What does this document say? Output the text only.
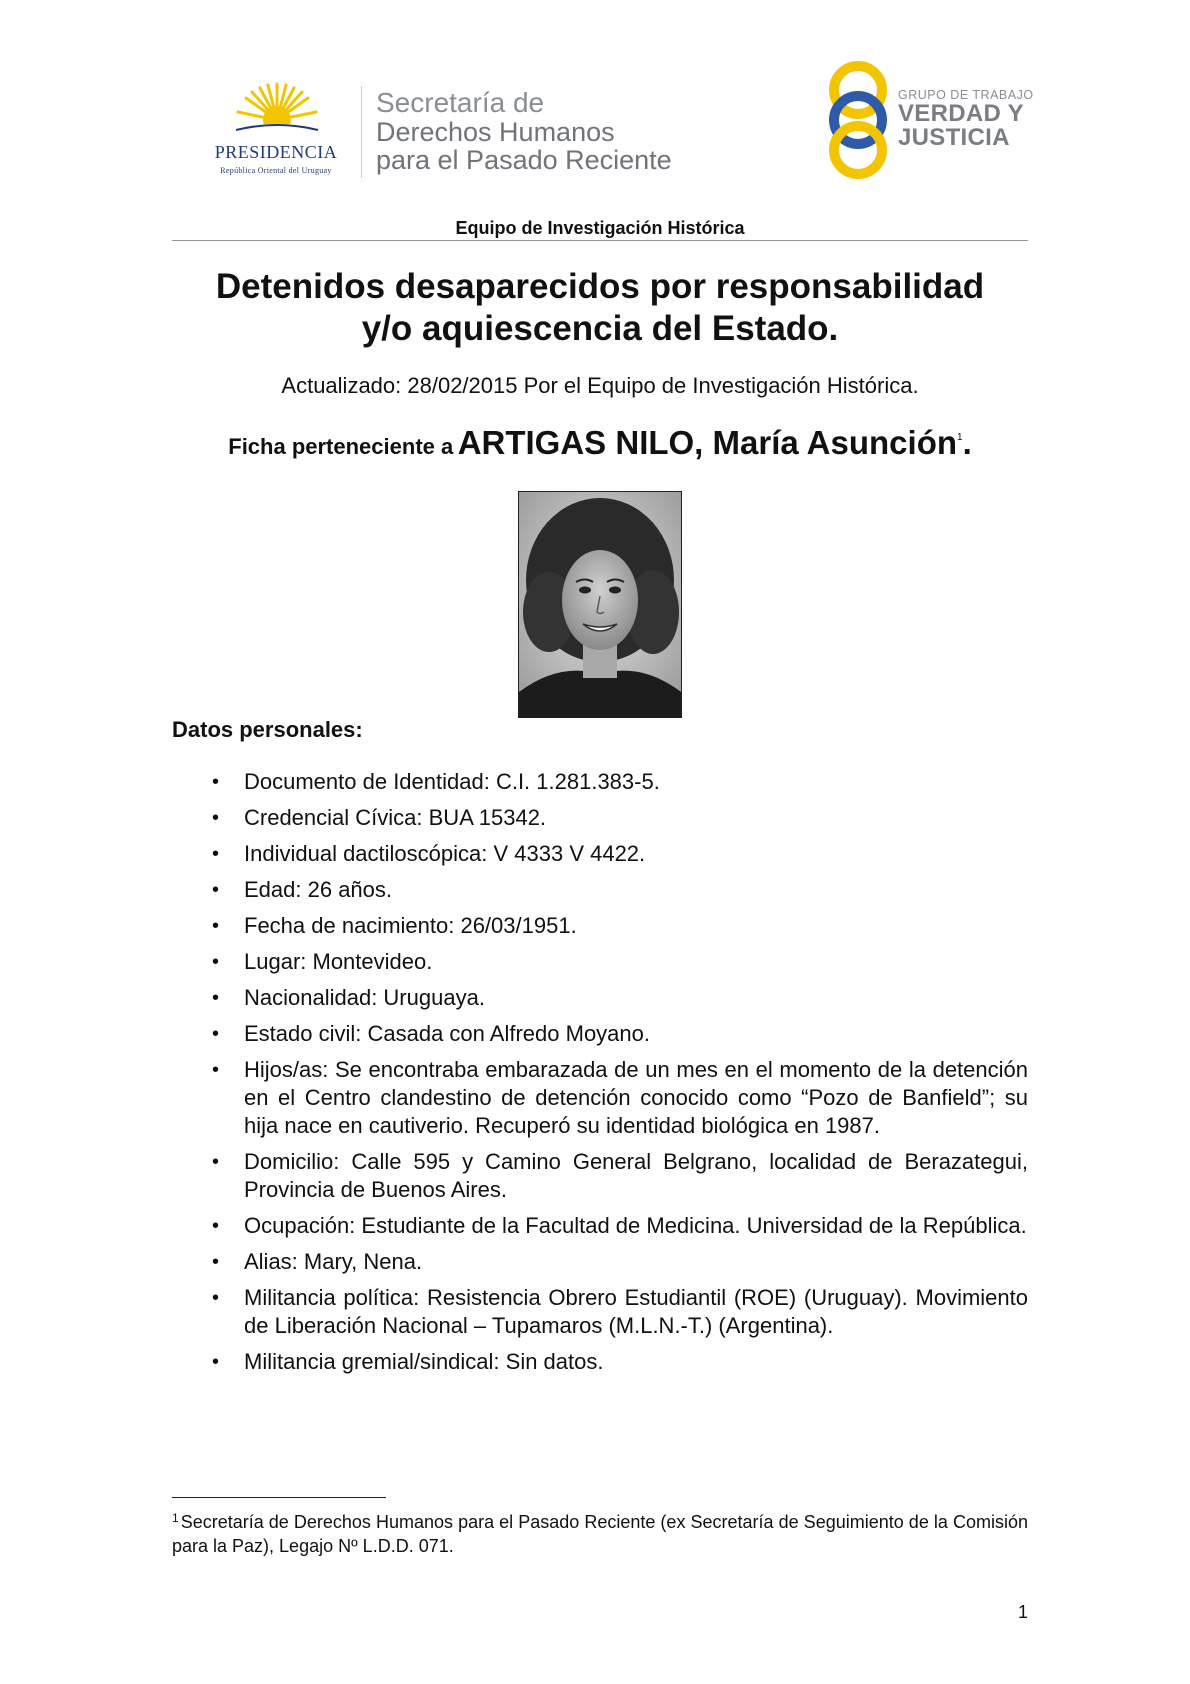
PRESIDENCIA
República Oriental del Uruguay
Secretaría de
Derechos Humanos
para el Pasado Reciente
GRUPO DE TRABAJO
VERDAD Y
JUSTICIA
Equipo de Investigación Histórica
Detenidos desaparecidos por responsabilidad
y/o aquiescencia del Estado.
Actualizado: 28/02/2015 Por el Equipo de Investigación Histórica.
Ficha perteneciente a ARTIGAS NILO, María Asunción$^1$.
Datos personales:
• Documento de Identidad: C.I. 1.281.383-5.
• Credencial Cívica: BUA 15342.
• Individual dactiloscópica: V 4333 V 4422.
• Edad: 26 años.
• Fecha de nacimiento: 26/03/1951.
• Lugar: Montevideo.
• Nacionalidad: Uruguaya.
• Estado civil: Casada con Alfredo Moyano.
• Hijos/as: Se encontraba embarazada de un mes en el momento de la detención en el Centro clandestino de detención conocido como “Pozo de Banfield”; su hija nace en cautiverio. Recuperó su identidad biológica en 1987.
• Domicilio: Calle 595 y Camino General Belgrano, localidad de Berazategui, Provincia de Buenos Aires.
• Ocupación: Estudiante de la Facultad de Medicina. Universidad de la República.
• Alias: Mary, Nena.
• Militancia política: Resistencia Obrero Estudiantil (ROE) (Uruguay). Movimiento de Liberación Nacional – Tupamaros (M.L.N.-T.) (Argentina).
• Militancia gremial/sindical: Sin datos.
$^1$ Secretaría de Derechos Humanos para el Pasado Reciente (ex Secretaría de Seguimiento de la Comisión para la Paz), Legajo Nº L.D.D. 071.
1
